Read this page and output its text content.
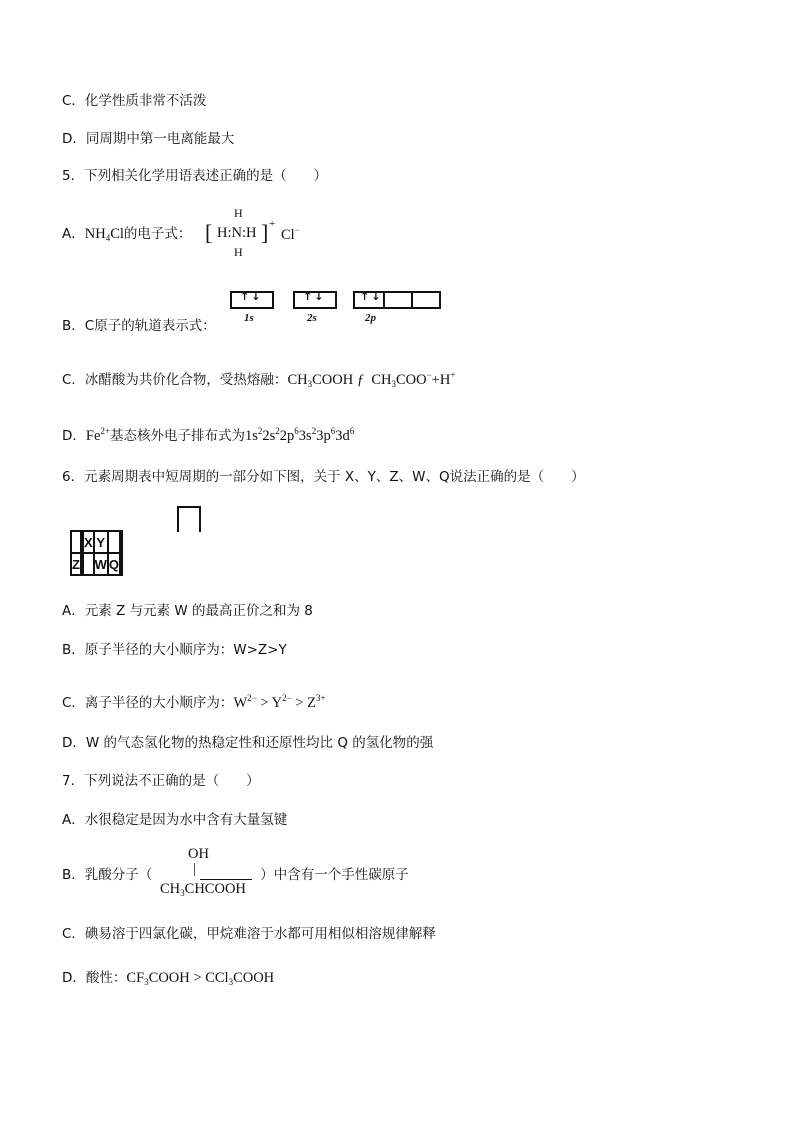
C．化学性质非常不活泼
D．同周期中第一电离能最大
5．下列相关化学用语表述正确的是（　　）
A．$NH_4Cl$的电子式： [
H
H:N:H
H
] +
Cl−
B．C原子的轨道表示式：
↑↓
1s
↑↓
2s
↑↓
2p
C．冰醋酸为共价化合物，受热熔融：$CH_3COOH$ ƒ $CH_3COO^-+H^+$
D．$Fe^{2+}$基态核外电子排布式为$1s^22s^22p^63s^23p^63d^6$
6．元素周期表中短周期的一部分如下图，关于 X、Y、Z、W、Q说法正确的是（　　）
		X	Y		
Z			W	Q	
A．元素 Z 与元素 W 的最高正价之和为 8
B．原子半径的大小顺序为：W>Z>Y
C．离子半径的大小顺序为：$W^{2-} > Y^{2-} > Z^{3+}$
D．W 的气态氢化物的热稳定性和还原性均比 Q 的氢化物的强
7．下列说法不正确的是（　　）
A．水很稳定是因为水中含有大量氢键
B．乳酸分子（	）中含有一个手性碳原子
OH
|
$CH_3CHCOOH$
C．碘易溶于四氯化碳，甲烷难溶于水都可用相似相溶规律解释
D．酸性：$CF_3COOH$ > CCl$_3$COOH
